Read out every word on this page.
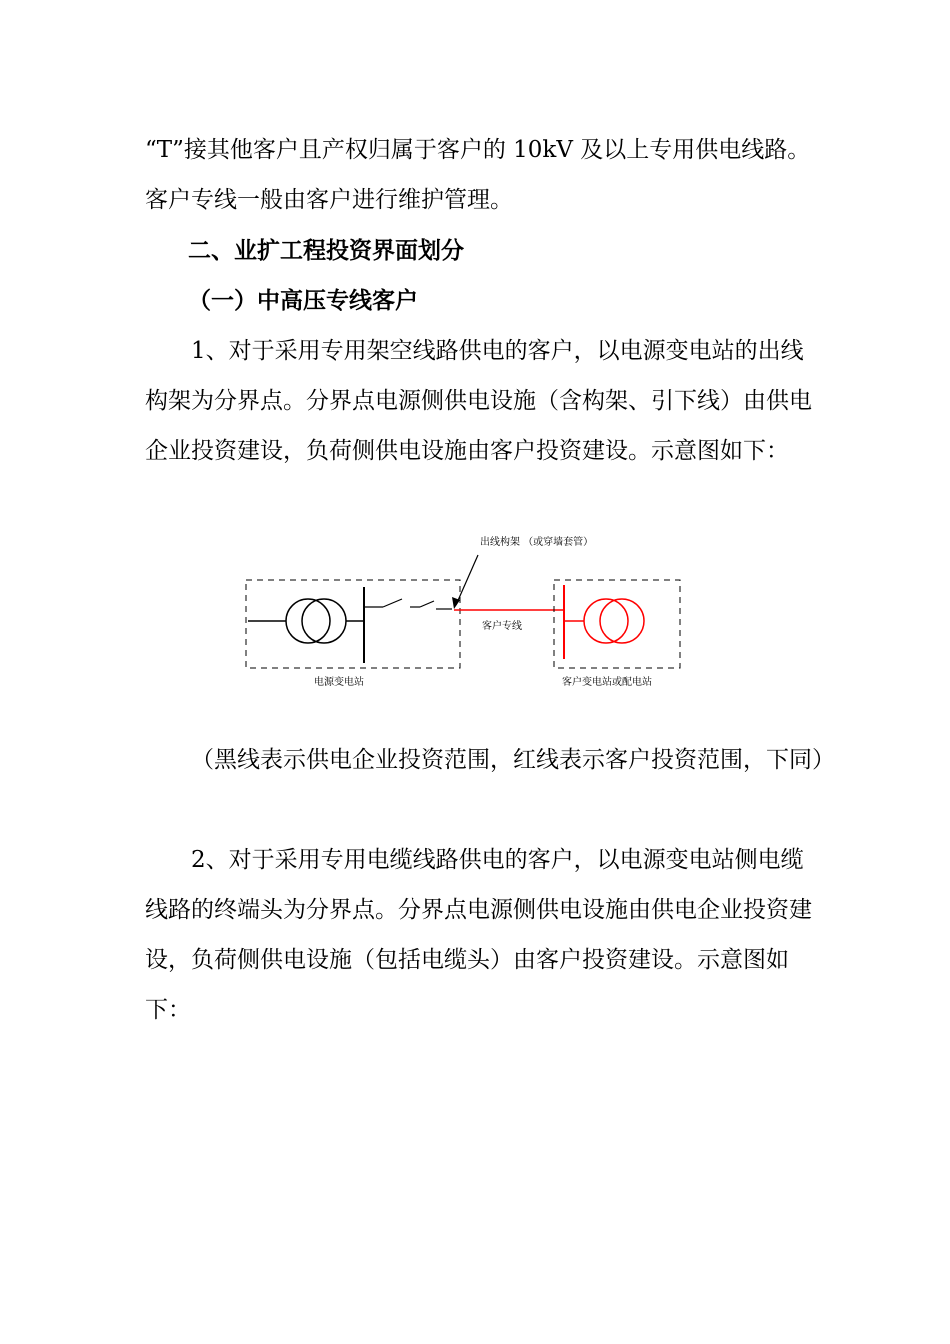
“T”接其他客户且产权归属于客户的 10kV 及以上专用供电线路。客户专线一般由客户进行维护管理。

二、业扩工程投资界面划分

（一）中高压专线客户

1、对于采用专用架空线路供电的客户，以电源变电站的出线构架为分界点。分界点电源侧供电设施（含构架、引下线）由供电企业投资建设，负荷侧供电设施由客户投资建设。示意图如下：

出线构架 （或穿墙套管）
客户专线
电源变电站	客户变电站或配电站

（黑线表示供电企业投资范围，红线表示客户投资范围，下同）

2、对于采用专用电缆线路供电的客户，以电源变电站侧电缆线路的终端头为分界点。分界点电源侧供电设施由供电企业投资建设，负荷侧供电设施（包括电缆头）由客户投资建设。示意图如下：
